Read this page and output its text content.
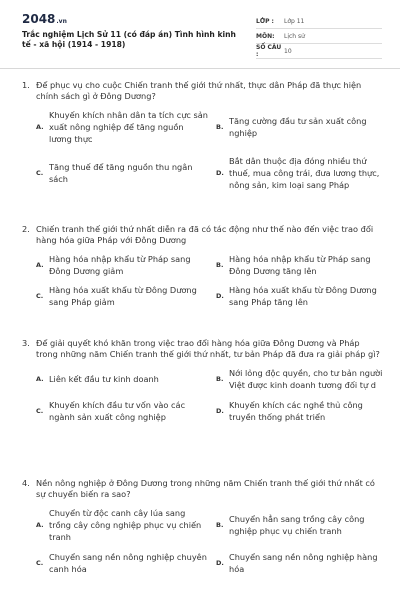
2048.vn
Trắc nghiệm Lịch Sử 11 (có đáp án) Tình hình kinh tế - xã hội (1914 - 1918)
LỚP :	Lớp 11
MÔN:	Lịch sử
SỐ CÂU :	10
1. Để phục vụ cho cuộc Chiến tranh thế giới thứ nhất, thực dân Pháp đã thực hiện chính sách gì ở Đông Dương?
A.
Khuyến khích nhân dân ta tích cực sản xuất nông nghiệp để tăng nguồn lương thực
B.
Tăng cường đầu tư sản xuất công nghiệp
C.
Tăng thuế để tăng nguồn thu ngân sách
D.
Bắt dân thuộc địa đóng nhiều thứ thuế, mua công trái, đưa lương thực, nông sản, kim loại sang Pháp
2. Chiến tranh thế giới thứ nhất diễn ra đã có tác động như thế nào đến việc trao đổi hàng hóa giữa Pháp với Đông Dương
A.
Hàng hóa nhập khẩu từ Pháp sang Đông Dương giảm
B.
Hàng hóa nhập khẩu từ Pháp sang Đông Dương tăng lên
C.
Hàng hóa xuất khẩu từ Đông Dương sang Pháp giảm
D.
Hàng hóa xuất khẩu từ Đông Dương sang Pháp tăng lên
3. Để giải quyết khó khăn trong việc trao đổi hàng hóa giữa Đông Dương và Pháp trong những năm Chiến tranh thế giới thứ nhất, tư bản Pháp đã đưa ra giải pháp gì?
A. Liên kết đầu tư kinh doanh	B.
Nới lỏng độc quyền, cho tư bản người Việt được kinh doanh tương đối tự d
C.
Khuyến khích đầu tư vốn vào các ngành sản xuất công nghiệp
D.
Khuyến khích các nghề thủ công truyền thống phát triển
4. Nền nông nghiệp ở Đông Dương trong những năm Chiến tranh thế giới thứ nhất có sự chuyển biến ra sao?
A.
Chuyển từ độc canh cây lúa sang trồng cây công nghiệp phục vụ chiến tranh
B.
Chuyển hẳn sang trồng cây công nghiệp phục vụ chiến tranh
C.
Chuyển sang nền nông nghiệp chuyên canh hóa
D.
Chuyển sang nền nông nghiệp hàng hóa
